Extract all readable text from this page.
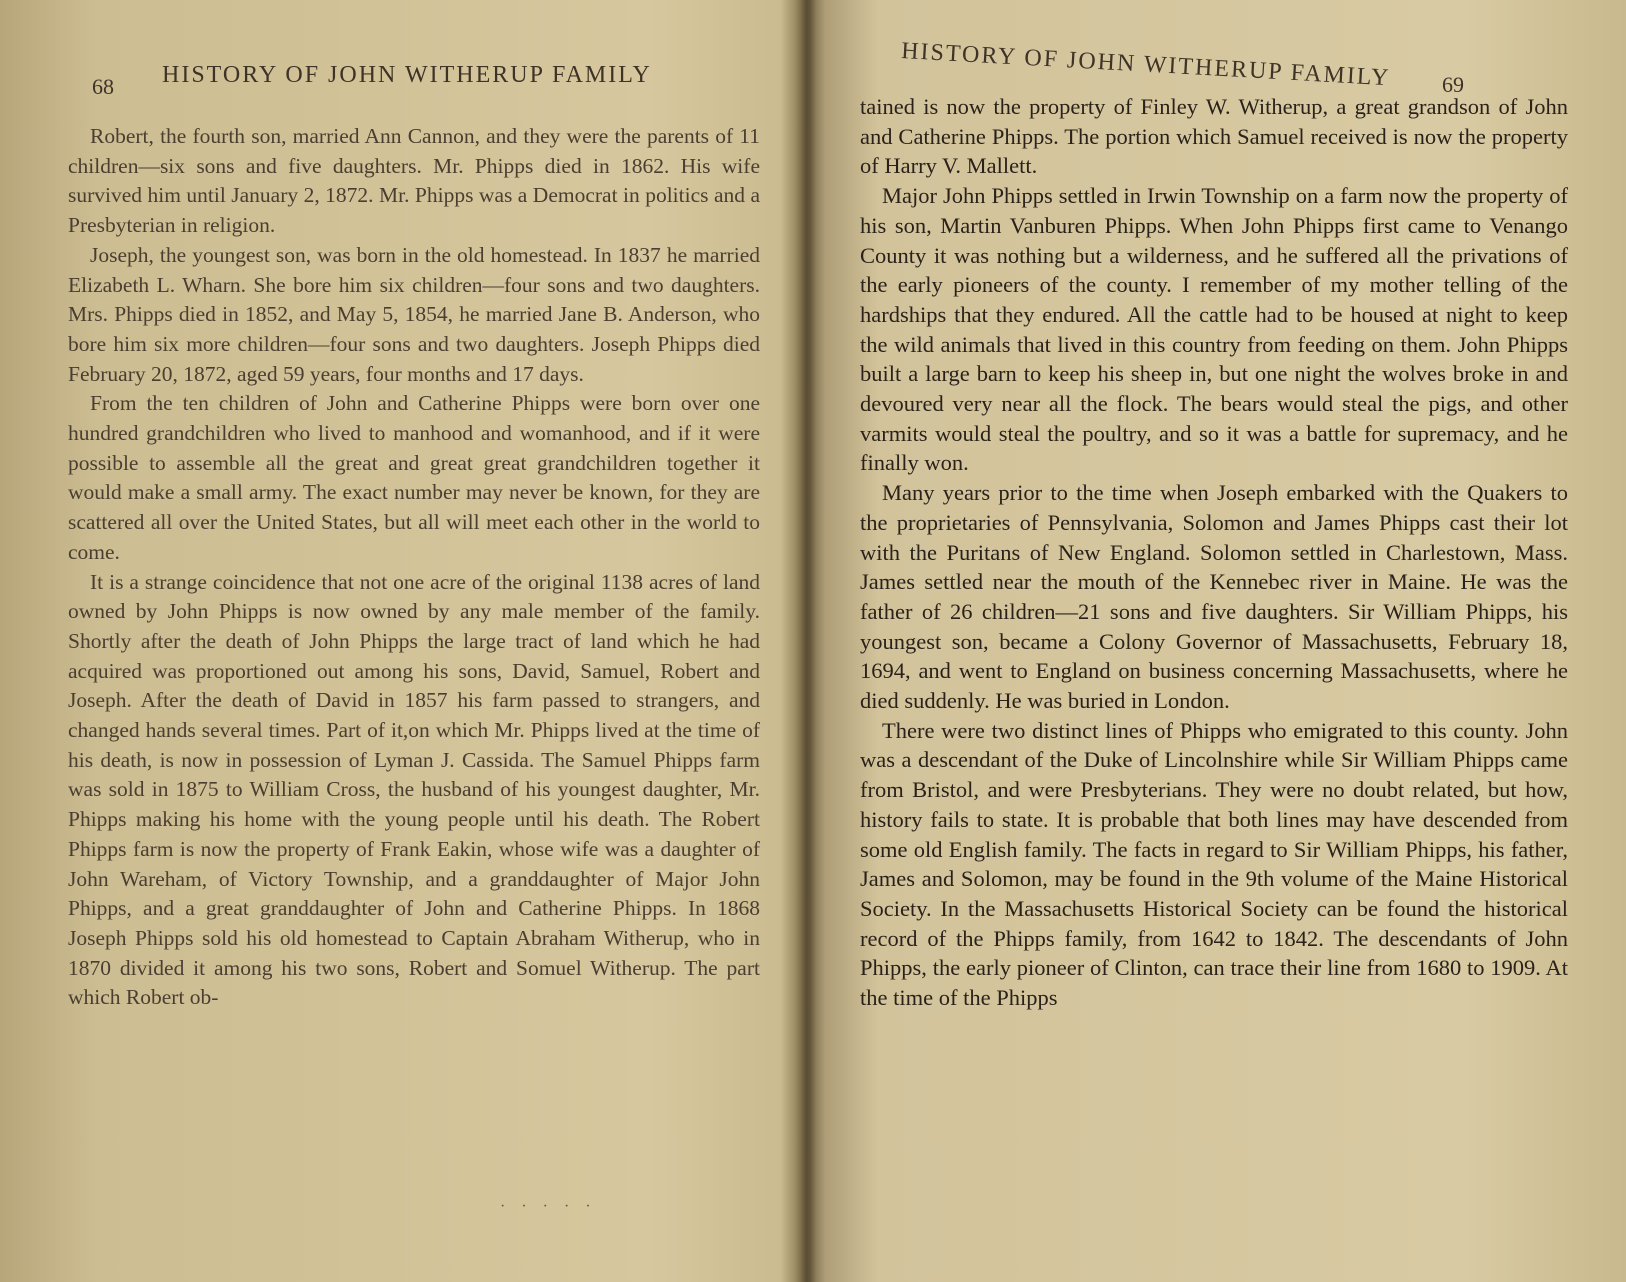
68 HISTORY OF JOHN WITHERUP FAMILY

Robert, the fourth son, married Ann Cannon, and they were the parents of 11 children—six sons and five daughters. Mr. Phipps died in 1862. His wife survived him until January 2, 1872. Mr. Phipps was a Democrat in politics and a Presbyterian in religion.

Joseph, the youngest son, was born in the old homestead. In 1837 he married Elizabeth L. Wharn. She bore him six children—four sons and two daughters. Mrs. Phipps died in 1852, and May 5, 1854, he married Jane B. Anderson, who bore him six more children—four sons and two daughters. Joseph Phipps died February 20, 1872, aged 59 years, four months and 17 days.

From the ten children of John and Catherine Phipps were born over one hundred grandchildren who lived to manhood and womanhood, and if it were possible to assemble all the great and great great grandchildren together it would make a small army. The exact number may never be known, for they are scattered all over the United States, but all will meet each other in the world to come.

It is a strange coincidence that not one acre of the original 1138 acres of land owned by John Phipps is now owned by any male member of the family. Shortly after the death of John Phipps the large tract of land which he had acquired was proportioned out among his sons, David, Samuel, Robert and Joseph. After the death of David in 1857 his farm passed to strangers, and changed hands several times. Part of it,on which Mr. Phipps lived at the time of his death, is now in possession of Lyman J. Cassida. The Samuel Phipps farm was sold in 1875 to William Cross, the husband of his youngest daughter, Mr. Phipps making his home with the young people until his death. The Robert Phipps farm is now the property of Frank Eakin, whose wife was a daughter of John Wareham, of Victory Township, and a granddaughter of Major John Phipps, and a great granddaughter of John and Catherine Phipps. In 1868 Joseph Phipps sold his old homestead to Captain Abraham Witherup, who in 1870 divided it among his two sons, Robert and Somuel Witherup. The part which Robert ob-

· · · · ·
HISTORY OF JOHN WITHERUP FAMILY 69

tained is now the property of Finley W. Witherup, a great grandson of John and Catherine Phipps. The portion which Samuel received is now the property of Harry V. Mallett.

Major John Phipps settled in Irwin Township on a farm now the property of his son, Martin Vanburen Phipps. When John Phipps first came to Venango County it was nothing but a wilderness, and he suffered all the privations of the early pioneers of the county. I remember of my mother telling of the hardships that they endured. All the cattle had to be housed at night to keep the wild animals that lived in this country from feeding on them. John Phipps built a large barn to keep his sheep in, but one night the wolves broke in and devoured very near all the flock. The bears would steal the pigs, and other varmits would steal the poultry, and so it was a battle for supremacy, and he finally won.

Many years prior to the time when Joseph embarked with the Quakers to the proprietaries of Pennsylvania, Solomon and James Phipps cast their lot with the Puritans of New England. Solomon settled in Charlestown, Mass. James settled near the mouth of the Kennebec river in Maine. He was the father of 26 children—21 sons and five daughters. Sir William Phipps, his youngest son, became a Colony Governor of Massachusetts, February 18, 1694, and went to England on business concerning Massachusetts, where he died suddenly. He was buried in London.

There were two distinct lines of Phipps who emigrated to this county. John was a descendant of the Duke of Lincolnshire while Sir William Phipps came from Bristol, and were Presbyterians. They were no doubt related, but how, history fails to state. It is probable that both lines may have descended from some old English family. The facts in regard to Sir William Phipps, his father, James and Solomon, may be found in the 9th volume of the Maine Historical Society. In the Massachusetts Historical Society can be found the historical record of the Phipps family, from 1642 to 1842. The descendants of John Phipps, the early pioneer of Clinton, can trace their line from 1680 to 1909. At the time of the Phipps
